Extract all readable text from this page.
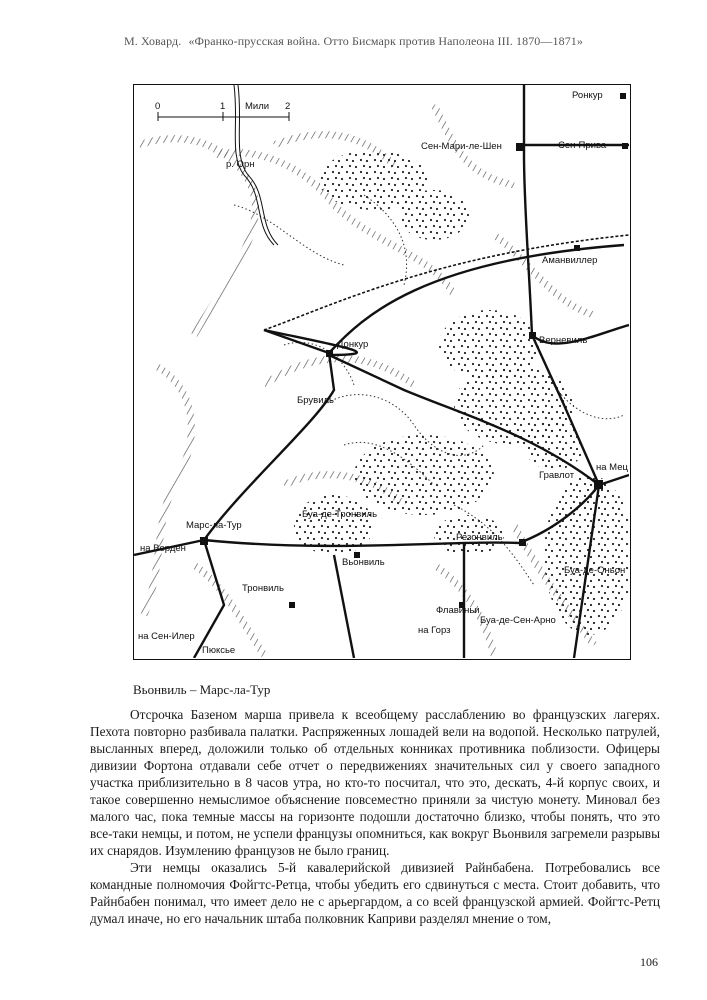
М. Ховард. «Франко-прусская война. Отто Бисмарк против Наполеона III. 1870—1871»
0	1 Мили 2
Ронкур
Сен-Мари-ле-Шен	Сен-Прива
Аманвиллер
Донкур	Верневиль
Брувиль
Гравлот
на Мец
Марс-ла-Тур
Буа-де-Тронвиль
Резонвиль
на Верден
Вьонвиль
Тронвиль
Буа-де-Оньон
Флавиньи
Буа-де-Сен-Арно
на Сен-Илер
на Горз
Пюксье
р. Орн
Вьонвиль – Марс-ла-Тур

Отсрочка Базеном марша привела к всеобщему расслаблению во французских лагерях. Пехота повторно разбивала палатки. Распряженных лошадей вели на водопой. Несколько патрулей, высланных вперед, доложили только об отдельных конниках противника поблизости. Офицеры дивизии Фортона отдавали себе отчет о передвижениях значительных сил у своего западного участка приблизительно в 8 часов утра, но кто-то посчитал, что это, дескать, 4-й корпус своих, и такое совершенно немыслимое объяснение повсеместно приняли за чистую монету. Миновал без малого час, пока темные массы на горизонте подошли достаточно близко, чтобы понять, что это все-таки немцы, и потом, не успели французы опомниться, как вокруг Вьонвиля загремели разрывы их снарядов. Изумлению французов не было границ.

Эти немцы оказались 5-й кавалерийской дивизией Райнбабена. Потребовались все командные полномочия Фойгтс-Ретца, чтобы убедить его сдвинуться с места. Стоит добавить, что Райнбабен понимал, что имеет дело не с арьергардом, а со всей французской армией. Фойгтс-Ретц думал иначе, но его начальник штаба полковник Каприви разделял мнение о том,

106
